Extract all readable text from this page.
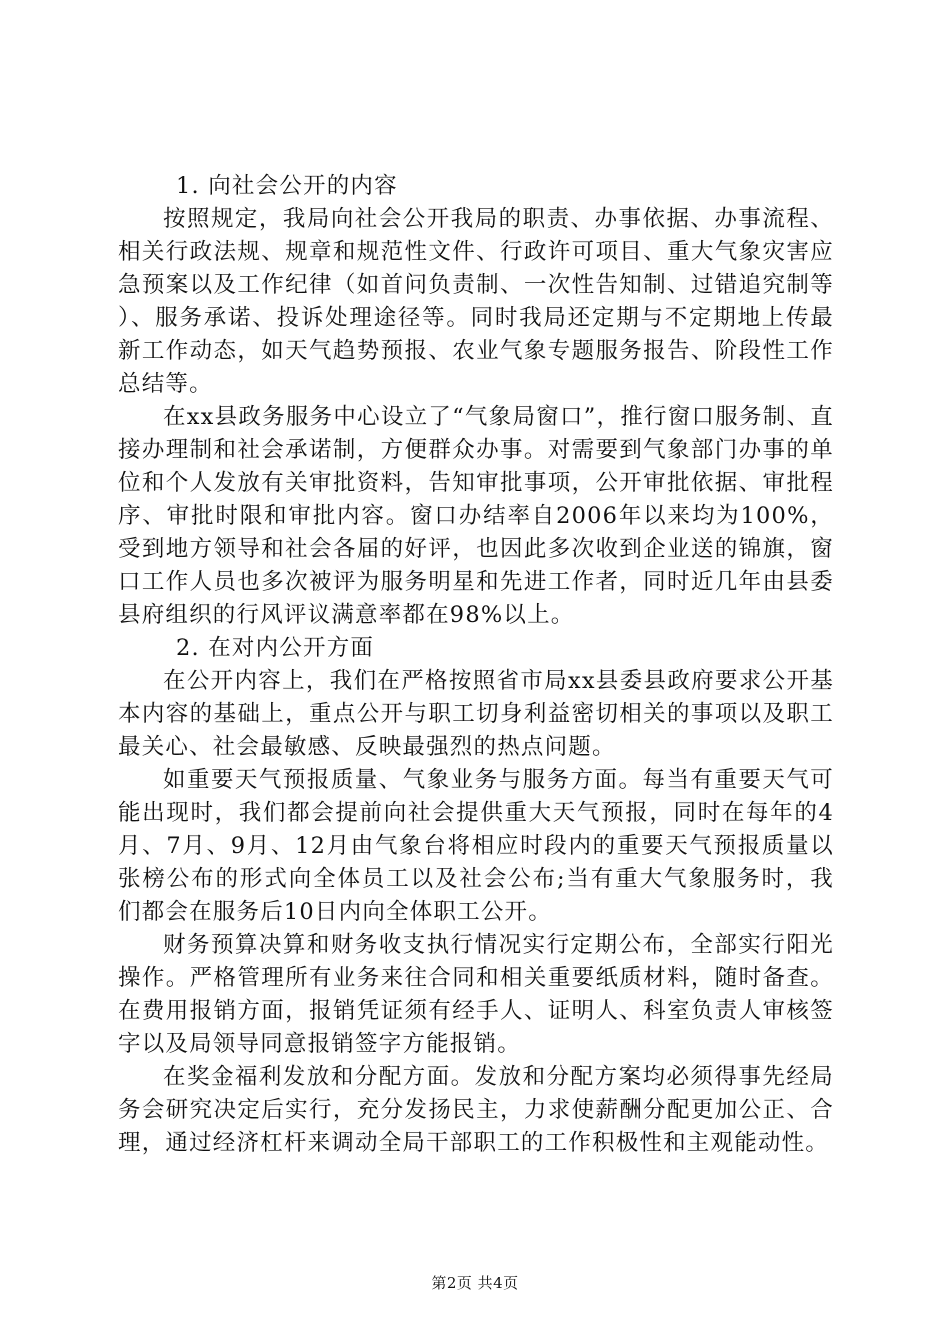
1. 向社会公开的内容

按照规定，我局向社会公开我局的职责、办事依据、办事流程、相关行政法规、规章和规范性文件、行政许可项目、重大气象灾害应急预案以及工作纪律（如首问负责制、一次性告知制、过错追究制等）、服务承诺、投诉处理途径等。同时我局还定期与不定期地上传最新工作动态，如天气趋势预报、农业气象专题服务报告、阶段性工作总结等。

在xx县政务服务中心设立了“气象局窗口”，推行窗口服务制、直接办理制和社会承诺制，方便群众办事。对需要到气象部门办事的单位和个人发放有关审批资料，告知审批事项，公开审批依据、审批程序、审批时限和审批内容。窗口办结率自2006年以来均为100%，受到地方领导和社会各届的好评，也因此多次收到企业送的锦旗，窗口工作人员也多次被评为服务明星和先进工作者，同时近几年由县委县府组织的行风评议满意率都在98%以上。

2. 在对内公开方面

在公开内容上，我们在严格按照省市局xx县委县政府要求公开基本内容的基础上，重点公开与职工切身利益密切相关的事项以及职工最关心、社会最敏感、反映最强烈的热点问题。

如重要天气预报质量、气象业务与服务方面。每当有重要天气可能出现时，我们都会提前向社会提供重大天气预报，同时在每年的4月、7月、9月、12月由气象台将相应时段内的重要天气预报质量以张榜公布的形式向全体员工以及社会公布;当有重大气象服务时，我们都会在服务后10日内向全体职工公开。

财务预算决算和财务收支执行情况实行定期公布，全部实行阳光操作。严格管理所有业务来往合同和相关重要纸质材料，随时备查。在费用报销方面，报销凭证须有经手人、证明人、科室负责人审核签字以及局领导同意报销签字方能报销。

在奖金福利发放和分配方面。发放和分配方案均必须得事先经局务会研究决定后实行，充分发扬民主，力求使薪酬分配更加公正、合理，通过经济杠杆来调动全局干部职工的工作积极性和主观能动性。

第2页 共4页
